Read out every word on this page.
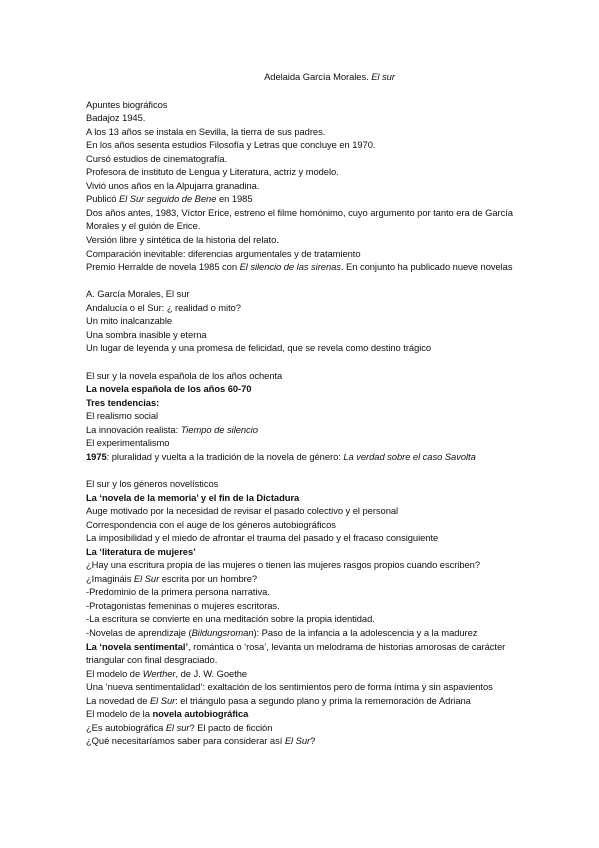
Adelaida García Morales. El sur
Apuntes biográficos
Badajoz 1945.
A los 13 años se instala en Sevilla, la tierra de sus padres.
En los años sesenta estudios Filosofía y Letras que concluye en 1970.
Cursó estudios de cinematografía.
Profesora de instituto de Lengua y Literatura, actriz y modelo.
Vivió unos años en la Alpujarra granadina.
Publicó El Sur seguido de Bene en 1985
Dos años antes, 1983, Víctor Erice, estreno el filme homónimo, cuyo argumento por tanto era de García Morales y el guión de Erice.
Versión libre y sintética de la historia del relato.
Comparación inevitable: diferencias argumentales y de tratamiento
Premio Herralde de novela 1985 con El silencio de las sirenas. En conjunto ha publicado nueve novelas
A. García Morales, El sur
Andalucía o el Sur: ¿ realidad o mito?
Un mito inalcanzable
Una sombra inasible y eterna
Un lugar de leyenda y una promesa de felicidad, que se revela como destino trágico
El sur y la novela española de los años ochenta
La novela española de los años 60-70
Tres tendencias:
El realismo social
La innovación realista: Tiempo de silencio
El experimentalismo
1975: pluralidad y vuelta a la tradición de la novela de género: La verdad sobre el caso Savolta
El sur y los géneros novelísticos
La ‘novela de la memoria’ y el fin de la Dictadura
Auge motivado por la necesidad de revisar el pasado colectivo y el personal
Correspondencia con el auge de los géneros autobiográficos
La imposibilidad y el miedo de afrontar el trauma del pasado y el fracaso consiguiente
La ‘literatura de mujeres’
¿Hay una escritura propia de las mujeres o tienen las mujeres rasgos propios cuando escriben?
¿Imagináis El Sur escrita por un hombre?
-Predominio de la primera persona narrativa.
-Protagonistas femeninas o mujeres escritoras.
-La escritura se convierte en una meditación sobre la propia identidad.
-Novelas de aprendizaje (Bildungsroman): Paso de la infancia a la adolescencia y a la madurez
La ‘novela sentimental’, romántica o ‘rosa’, levanta un melodrama de historias amorosas de carácter triangular con final desgraciado.
El modelo de Werther, de J. W. Goethe
Una ‘nueva sentimentalidad’: exaltación de los sentimientos pero de forma íntima y sin aspavientos
La novedad de El Sur: el triángulo pasa a segundo plano y prima la rememoración de Adriana
El modelo de la novela autobiográfica
¿Es autobiográfica El sur? El pacto de ficción
¿Qué necesitaríamos saber para considerar así El Sur?
